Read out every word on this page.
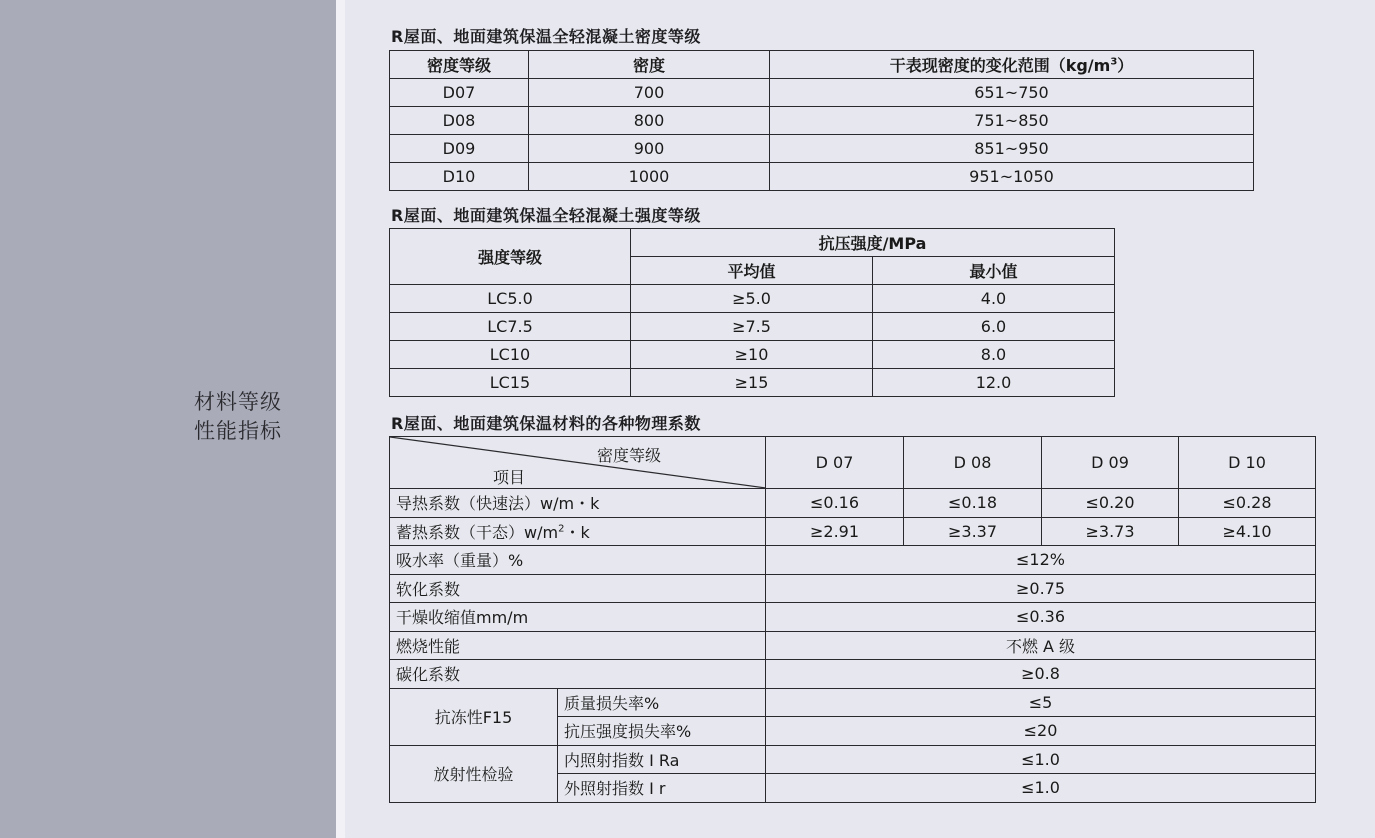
材料等级
性能指标
R屋面、地面建筑保温全轻混凝土密度等级
密度等级	密度	干表现密度的变化范围$(kg/m^3)$
D07	700	651~750
D08	800	751~850
D09	900	851~950
D10	1000	951~1050
R屋面、地面建筑保温全轻混凝土强度等级
强度等级	抗压强度/MPa	
	平均值	最小值
LC5.0	≥5.0	4.0
LC7.5	≥7.5	6.0
LC10	≥10	8.0
LC15	≥15	12.0
R屋面、地面建筑保温材料的各种物理系数
密度等级
项目		D 07	D 08	D 09	D 10
导热系数（快速法）w/m・k		≤0.16	≤0.18	≤0.20	≤0.28
蓄热系数（干态）$w/m^2$・k		≥2.91	≥3.37	≥3.73	≥4.10
吸水率（重量）%		≤12%			
软化系数		≥0.75			
干燥收缩值mm/m		≤0.36			
燃烧性能		不燃 A 级			
碳化系数		≥0.8			
抗冻性F15	质量损失率%	≤5			
	抗压强度损失率%	≤20			
放射性检验	内照射指数 I Ra	≤1.0			
	外照射指数 I r	≤1.0			
